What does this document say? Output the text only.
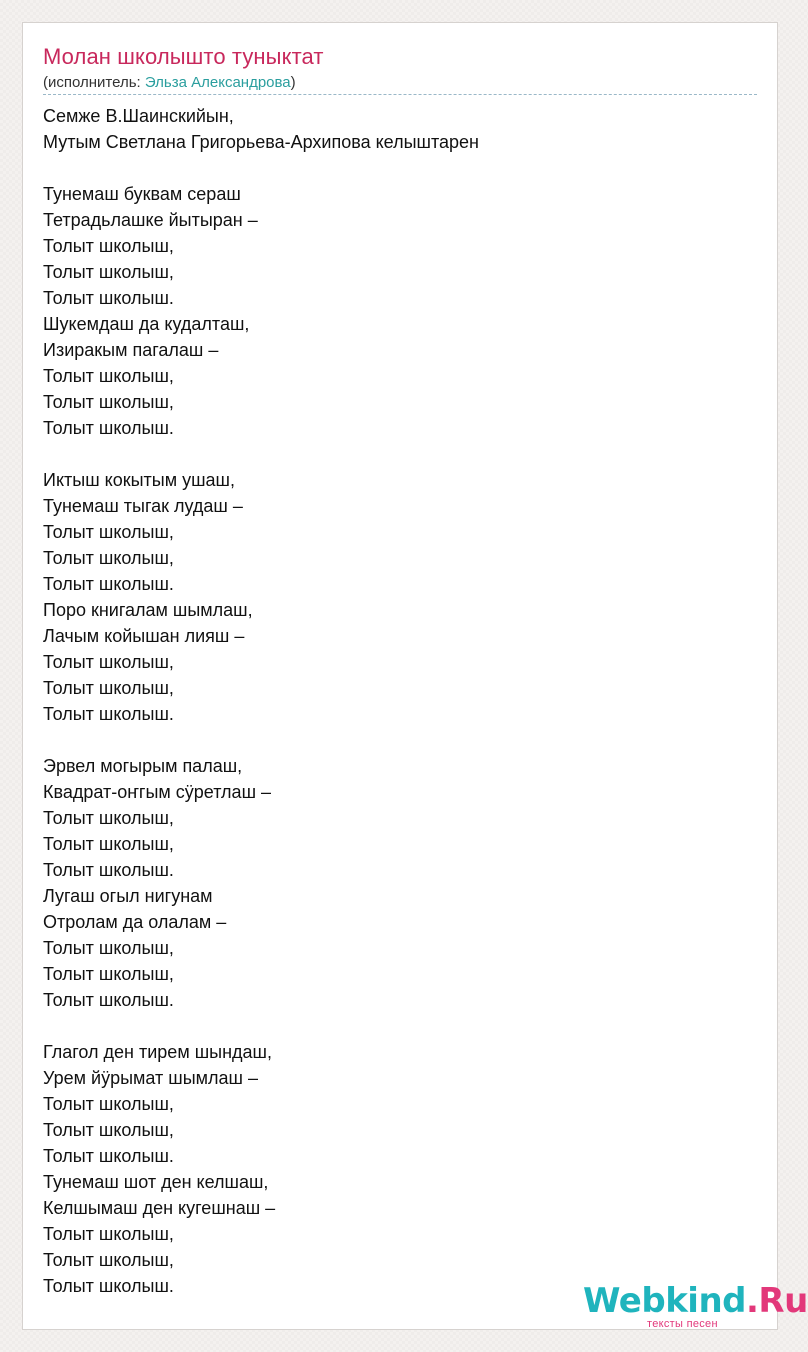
Молан школышто туныктат
(исполнитель: Эльза Александрова)
Семже В.Шаинскийын,
Мутым Светлана Григорьева-Архипова келыштарен
Тунемаш буквам сераш
Тетрадьлашке йытыран –
Толыт школыш,
Толыт школыш,
Толыт школыш.
Шукемдаш да кудалташ,
Изиракым пагалаш –
Толыт школыш,
Толыт школыш,
Толыт школыш.
Иктыш кокытым ушаш,
Тунемаш тыгак лудаш –
Толыт школыш,
Толыт школыш,
Толыт школыш.
Поро книгалам шымлаш,
Лачым койышан лияш –
Толыт школыш,
Толыт школыш,
Толыт школыш.
Эрвел могырым палаш,
Квадрат-оҥгым сӱретлаш –
Толыт школыш,
Толыт школыш,
Толыт школыш.
Лугаш огыл нигунам
Отролам да олалам –
Толыт школыш,
Толыт школыш,
Толыт школыш.
Глагол ден тирем шындаш,
Урем йӱрымат шымлаш –
Толыт школыш,
Толыт школыш,
Толыт школыш.
Тунемаш шот ден келшаш,
Келшымаш ден кугешнаш –
Толыт школыш,
Толыт школыш,
Толыт школыш.	Webkind.Ru
тексты песен
